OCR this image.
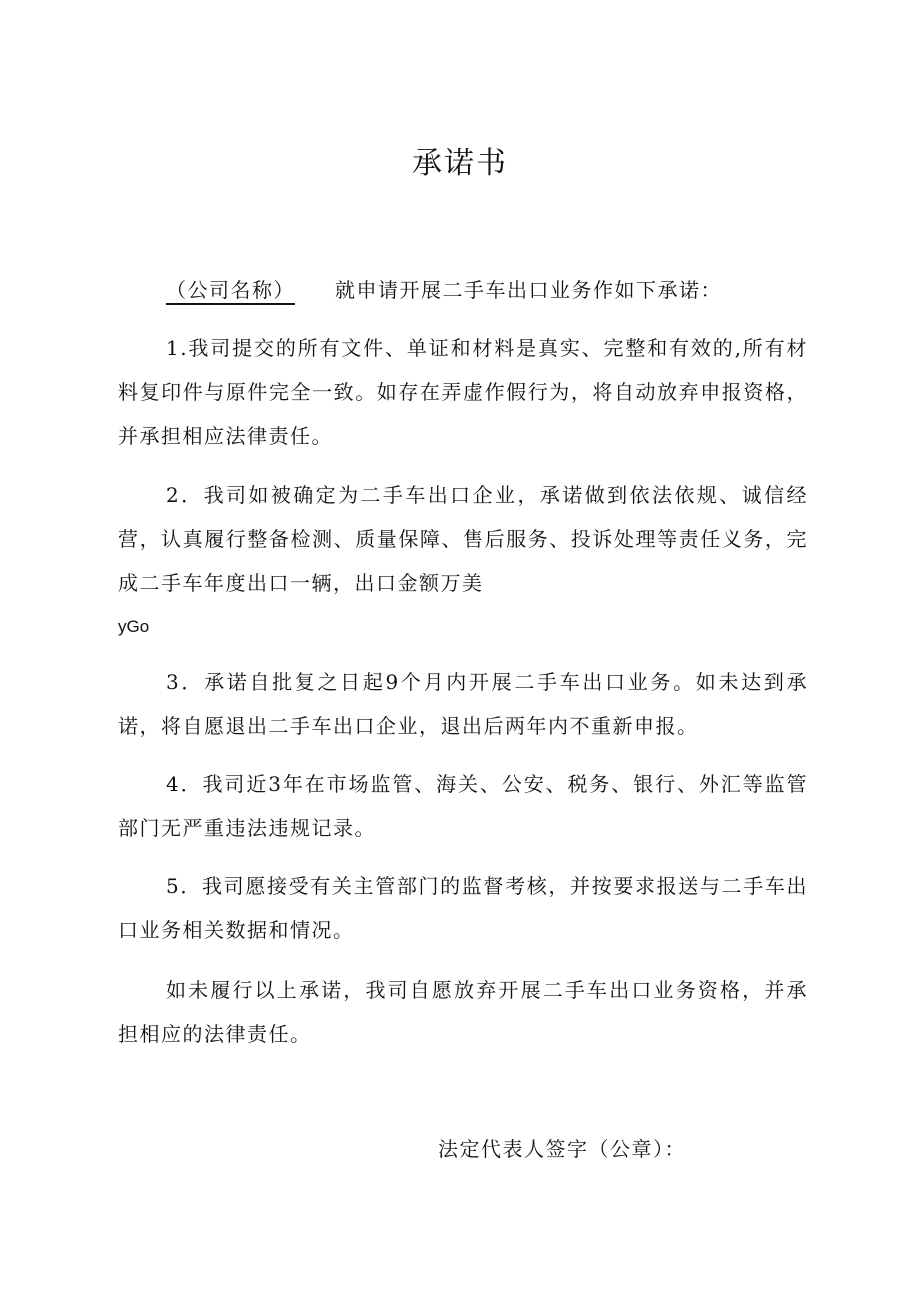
承诺书

（公司名称） 就申请开展二手车出口业务作如下承诺：

1.我司提交的所有文件、单证和材料是真实、完整和有效的,所有材料复印件与原件完全一致。如存在弄虚作假行为，将自动放弃申报资格，并承担相应法律责任。

2．我司如被确定为二手车出口企业，承诺做到依法依规、诚信经营，认真履行整备检测、质量保障、售后服务、投诉处理等责任义务，完成二手车年度出口一辆，出口金额万美

yGo

3．承诺自批复之日起9个月内开展二手车出口业务。如未达到承诺，将自愿退出二手车出口企业，退出后两年内不重新申报。

4．我司近3年在市场监管、海关、公安、税务、银行、外汇等监管部门无严重违法违规记录。

5．我司愿接受有关主管部门的监督考核，并按要求报送与二手车出口业务相关数据和情况。

如未履行以上承诺，我司自愿放弃开展二手车出口业务资格，并承担相应的法律责任。

法定代表人签字（公章）：
